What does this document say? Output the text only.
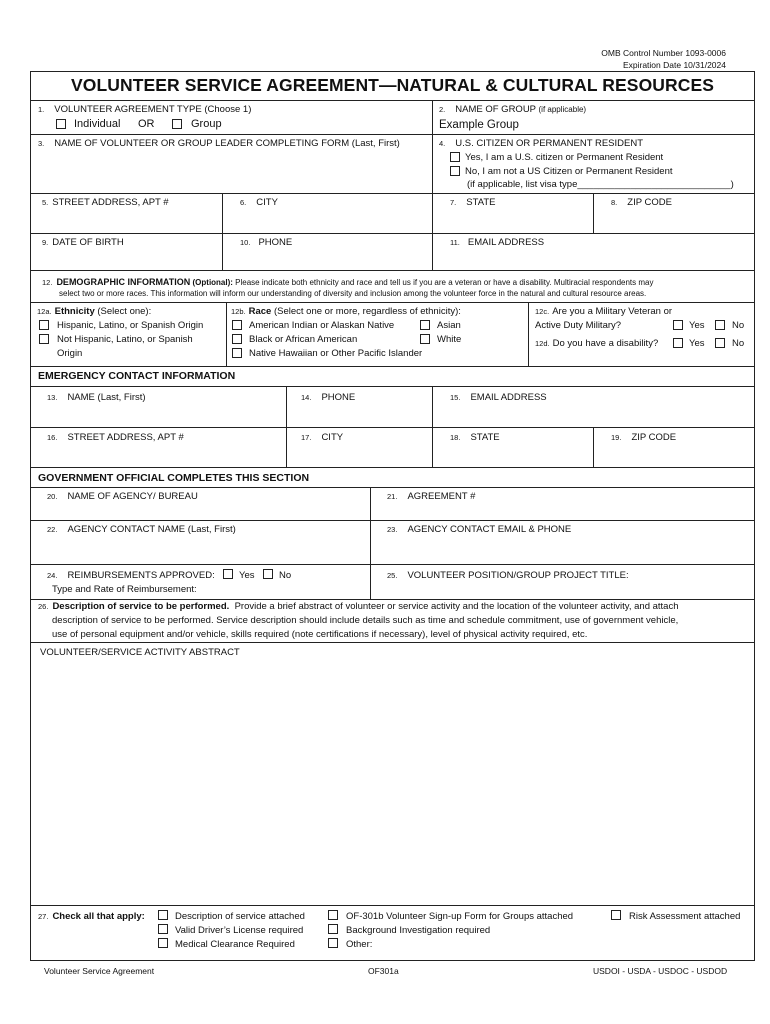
OMB Control Number 1093-0006
Expiration Date 10/31/2024
VOLUNTEER SERVICE AGREEMENT—NATURAL & CULTURAL RESOURCES
1. VOLUNTEER AGREEMENT TYPE (Choose 1)
Individual OR	Group
2. NAME OF GROUP (if applicable)
Example Group
3. NAME OF VOLUNTEER OR GROUP LEADER COMPLETING FORM (Last, First)	4. U.S. CITIZEN OR PERMANENT RESIDENT
Yes, I am a U.S. citizen or Permanent Resident
No, I am not a US Citizen or Permanent Resident
(if applicable, list visa type_____________________________)
5. STREET ADDRESS, APT #	6. CITY	7. STATE	8. ZIP CODE
9. DATE OF BIRTH	10. PHONE	11. EMAIL ADDRESS
12. DEMOGRAPHIC INFORMATION (Optional): Please indicate both ethnicity and race and tell us if you are a veteran or have a disability. Multiracial respondents may
select two or more races. This information will inform our understanding of diversity and inclusion among the volunteer force in the natural and cultural resource areas.
12a. Ethnicity (Select one):
Hispanic, Latino, or Spanish Origin
Not Hispanic, Latino, or Spanish
Origin
12b. Race (Select one or more, regardless of ethnicity):
American Indian or Alaskan Native	Asian
Black or African American	White
Native Hawaiian or Other Pacific Islander
12c. Are you a Military Veteran or
Active Duty Military?	Yes	No
12d. Do you have a disability?	Yes	No
EMERGENCY CONTACT INFORMATION
13. NAME (Last, First)	14. PHONE	15. EMAIL ADDRESS
16. STREET ADDRESS, APT #	17. CITY	18. STATE	19. ZIP CODE
GOVERNMENT OFFICIAL COMPLETES THIS SECTION
20. NAME OF AGENCY/ BUREAU	21. AGREEMENT #
22. AGENCY CONTACT NAME (Last, First)	23. AGENCY CONTACT EMAIL & PHONE
24. REIMBURSEMENTS APPROVED:	Yes	No
Type and Rate of Reimbursement:
25. VOLUNTEER POSITION/GROUP PROJECT TITLE:
26. Description of service to be performed. Provide a brief abstract of volunteer or service activity and the location of the volunteer activity, and attach
description of service to be performed. Service description should include details such as time and schedule commitment, use of government vehicle,
use of personal equipment and/or vehicle, skills required (note certifications if necessary), level of physical activity required, etc.
VOLUNTEER/SERVICE ACTIVITY ABSTRACT
27. Check all that apply:	Description of service attached	OF-301b Volunteer Sign-up Form for Groups attached	Risk Assessment attached
Valid Driver’s License required	Background Investigation required
Medical Clearance Required	Other:
Volunteer Service Agreement	OF301a	USDOI - USDA - USDOC - USDOD
